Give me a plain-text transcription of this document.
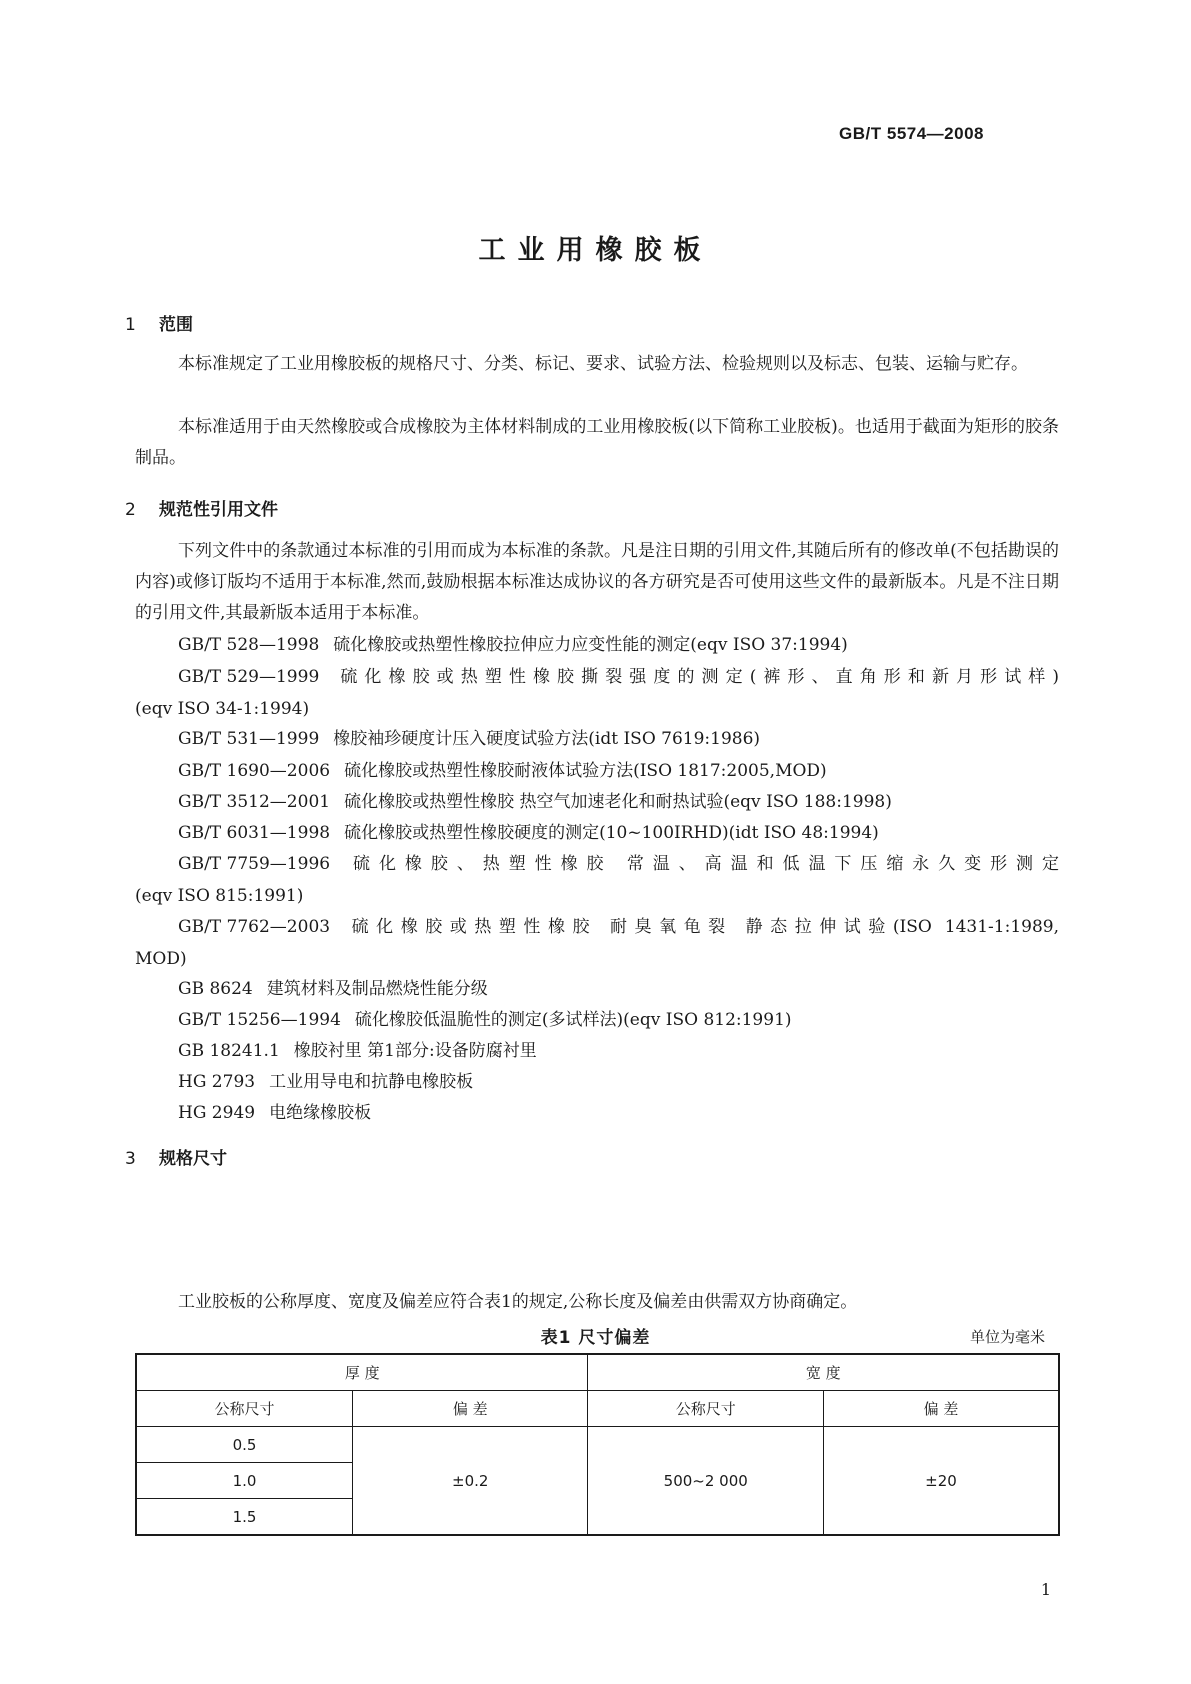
GB/T 5574—2008
工业用橡胶板
1 范围
本标准规定了工业用橡胶板的规格尺寸、分类、标记、要求、试验方法、检验规则以及标志、包装、运输与贮存。
本标准适用于由天然橡胶或合成橡胶为主体材料制成的工业用橡胶板(以下简称工业胶板)。也适用于截面为矩形的胶条制品。
2 规范性引用文件
下列文件中的条款通过本标准的引用而成为本标准的条款。凡是注日期的引用文件,其随后所有的修改单(不包括勘误的内容)或修订版均不适用于本标准,然而,鼓励根据本标准达成协议的各方研究是否可使用这些文件的最新版本。凡是不注日期的引用文件,其最新版本适用于本标准。
GB/T 528—1998 硫化橡胶或热塑性橡胶拉伸应力应变性能的测定(eqv ISO 37:1994)
GB/T 529—1999 硫化橡胶或热塑性橡胶撕裂强度的测定(裤形、直角形和新月形试样)
(eqv ISO 34-1:1994)
GB/T 531—1999 橡胶袖珍硬度计压入硬度试验方法(idt ISO 7619:1986)
GB/T 1690—2006 硫化橡胶或热塑性橡胶耐液体试验方法(ISO 1817:2005,MOD)
GB/T 3512—2001 硫化橡胶或热塑性橡胶 热空气加速老化和耐热试验(eqv ISO 188:1998)
GB/T 6031—1998 硫化橡胶或热塑性橡胶硬度的测定(10~100IRHD)(idt ISO 48:1994)
GB/T 7759—1996 硫化橡胶、热塑性橡胶 常温、高温和低温下压缩永久变形测定
(eqv ISO 815:1991)
GB/T 7762—2003 硫化橡胶或热塑性橡胶 耐臭氧龟裂 静态拉伸试验(ISO 1431-1:1989,
MOD)
GB 8624 建筑材料及制品燃烧性能分级
GB/T 15256—1994 硫化橡胶低温脆性的测定(多试样法)(eqv ISO 812:1991)
GB 18241.1 橡胶衬里 第1部分:设备防腐衬里
HG 2793 工业用导电和抗静电橡胶板
HG 2949 电绝缘橡胶板
3 规格尺寸
工业胶板的公称厚度、宽度及偏差应符合表1的规定,公称长度及偏差由供需双方协商确定。
表1 尺寸偏差	单位为毫米
厚 度		宽 度	
公称尺寸	偏 差	公称尺寸	偏 差
0.5	±0.2	500~2 000	±20
1.0			
1.5			
1
